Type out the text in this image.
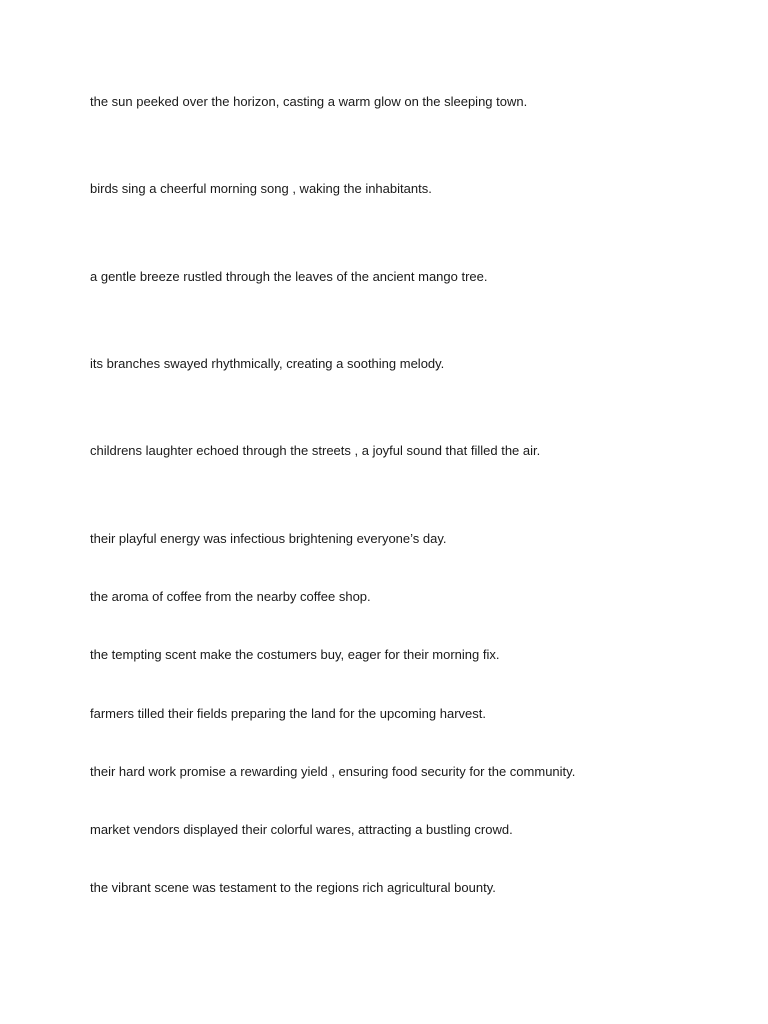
the sun peeked over the horizon, casting a warm glow on the sleeping town.
birds sing a cheerful morning song , waking the inhabitants.
a gentle breeze rustled through the leaves of the ancient mango tree.
its branches swayed rhythmically, creating a soothing melody.
childrens laughter echoed through the streets , a joyful sound that filled the air.
their playful energy was infectious brightening everyone’s day.
the aroma of coffee from the nearby coffee shop.
the tempting scent make the costumers buy, eager for their morning fix.
farmers tilled their fields preparing the land for the upcoming harvest.
their hard work promise a rewarding yield , ensuring food security for the community.
market vendors displayed their colorful wares, attracting a bustling crowd.
the vibrant scene was testament to the regions rich agricultural bounty.
